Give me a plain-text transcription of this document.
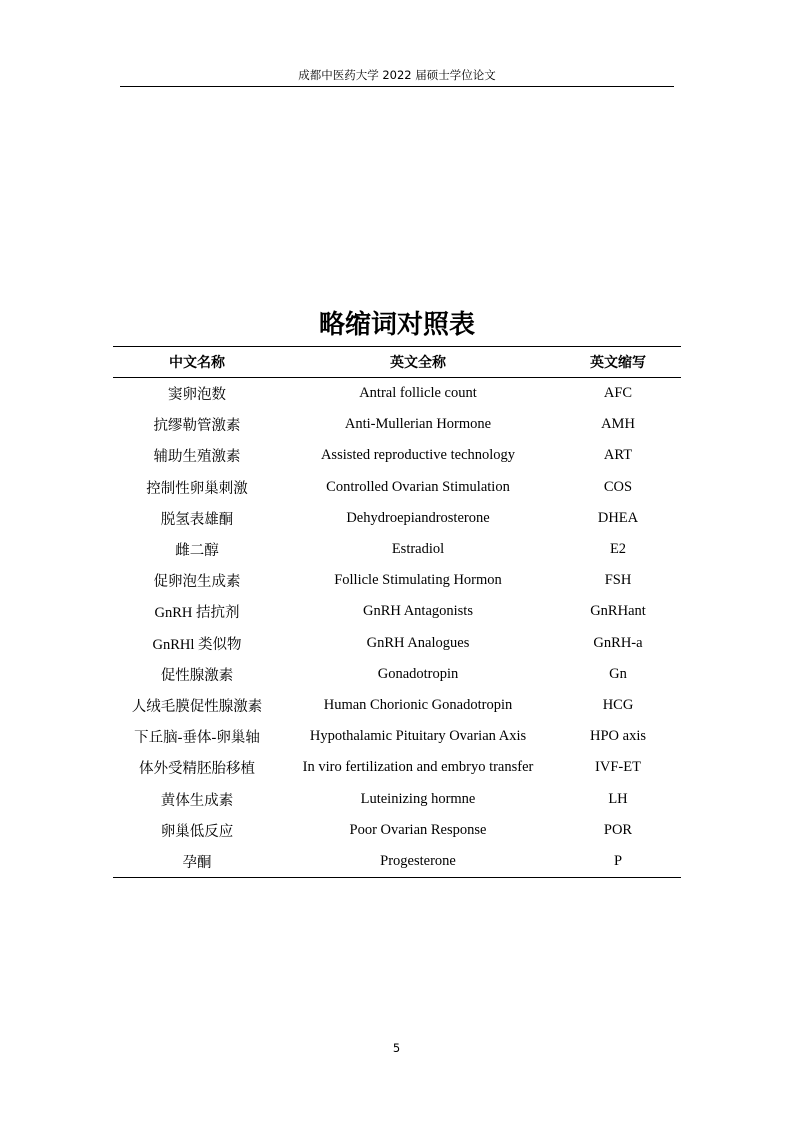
成都中医药大学 2022 届硕士学位论文
略缩词对照表
中文名称	英文全称	英文缩写
窦卵泡数	Antral follicle count	AFC
抗缪勒管激素	Anti-Mullerian Hormone	AMH
辅助生殖激素	Assisted reproductive technology	ART
控制性卵巢刺激	Controlled Ovarian Stimulation	COS
脱氢表雄酮	Dehydroepiandrosterone	DHEA
雌二醇	Estradiol	E2
促卵泡生成素	Follicle Stimulating Hormon	FSH
GnRH 拮抗剂	GnRH Antagonists	GnRHant
GnRHl 类似物	GnRH Analogues	GnRH-a
促性腺激素	Gonadotropin	Gn
人绒毛膜促性腺激素	Human Chorionic Gonadotropin	HCG
下丘脑-垂体-卵巢轴	Hypothalamic Pituitary Ovarian Axis	HPO axis
体外受精胚胎移植	In viro fertilization and embryo transfer	IVF-ET
黄体生成素	Luteinizing hormne	LH
卵巢低反应	Poor Ovarian Response	POR
孕酮	Progesterone	P
5
